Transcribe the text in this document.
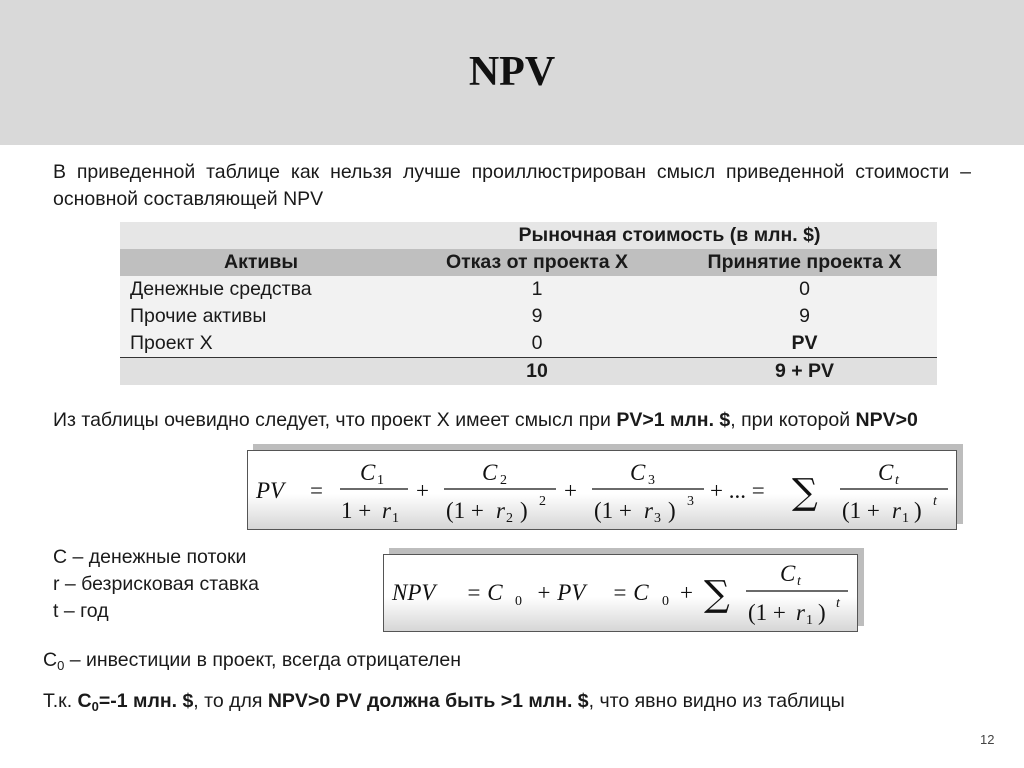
NPV
В приведенной таблице как нельзя лучше проиллюстрирован смысл приведенной стоимости – основной составляющей NPV
	Рыночная стоимость (в млн. $)	
Активы	Отказ от проекта X	Принятие проекта X
Денежные средства	1	0
Прочие активы	9	9
Проект X	0	PV
	10	9 + PV
Из таблицы очевидно следует, что проект X имеет смысл при PV>1 млн. $, при которой NPV>0
PV =
C 1
1 + r 1
+
C 2
(1 + r 2 ) 2 +
C 3
(1 + r 3 ) 3 + ... = ∑	C t
(1 + r 1 ) t
C – денежные потоки
r – безрисковая ставка
t – год
NPV = C 0 + PV = C 0 + ∑
C t
(1 + r 1 ) t
$C_0$ – инвестиции в проект, всегда отрицателен
Т.к. $C_0=-1$ млн. $, то для NPV>0 PV должна быть >1 млн. $, что явно видно из таблицы
12
